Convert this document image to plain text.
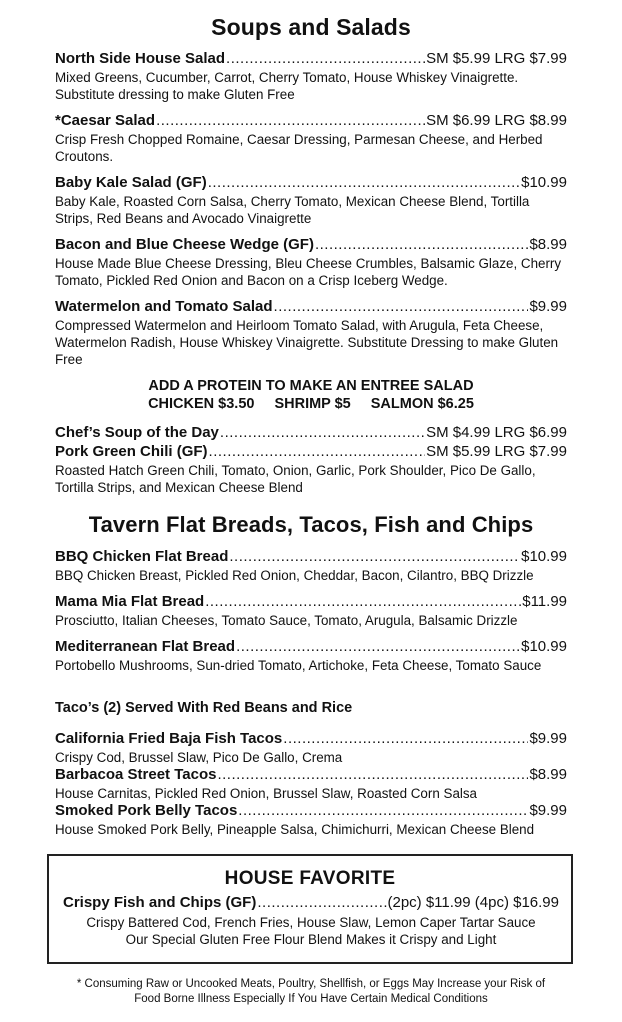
Soups and Salads
North Side House Salad .....	SM $5.99 LRG $7.99
Mixed Greens, Cucumber, Carrot, Cherry Tomato, House Whiskey Vinaigrette. Substitute dressing to make Gluten Free
*Caesar Salad .....	SM $6.99 LRG $8.99
Crisp Fresh Chopped Romaine, Caesar Dressing, Parmesan Cheese, and Herbed Croutons.
Baby Kale Salad (GF) .....	$10.99
Baby Kale, Roasted Corn Salsa, Cherry Tomato, Mexican Cheese Blend, Tortilla Strips, Red Beans and Avocado Vinaigrette
Bacon and Blue Cheese Wedge (GF) .....	$8.99
House Made Blue Cheese Dressing, Bleu Cheese Crumbles, Balsamic Glaze, Cherry Tomato, Pickled Red Onion and Bacon on a Crisp Iceberg Wedge.
Watermelon and Tomato Salad .....	$9.99
Compressed Watermelon and Heirloom Tomato Salad, with Arugula, Feta Cheese, Watermelon Radish, House Whiskey Vinaigrette. Substitute Dressing to make Gluten Free
ADD A PROTEIN TO MAKE AN ENTREE SALAD
CHICKEN $3.50 SHRIMP $5 SALMON $6.25
Chef’s Soup of the Day .....	SM $4.99 LRG $6.99
Pork Green Chili (GF) .....	SM $5.99 LRG $7.99
Roasted Hatch Green Chili, Tomato, Onion, Garlic, Pork Shoulder, Pico De Gallo, Tortilla Strips, and Mexican Cheese Blend
Tavern Flat Breads, Tacos, Fish and Chips
BBQ Chicken Flat Bread .....	$10.99
BBQ Chicken Breast, Pickled Red Onion, Cheddar, Bacon, Cilantro, BBQ Drizzle
Mama Mia Flat Bread .....	$11.99
Prosciutto, Italian Cheeses, Tomato Sauce, Tomato, Arugula, Balsamic Drizzle
Mediterranean Flat Bread .....	$10.99
Portobello Mushrooms, Sun-dried Tomato, Artichoke, Feta Cheese, Tomato Sauce
Taco’s (2) Served With Red Beans and Rice
California Fried Baja Fish Tacos .....	$9.99
Crispy Cod, Brussel Slaw, Pico De Gallo, Crema
Barbacoa Street Tacos .....	$8.99
House Carnitas, Pickled Red Onion, Brussel Slaw, Roasted Corn Salsa
Smoked Pork Belly Tacos .....	$9.99
House Smoked Pork Belly, Pineapple Salsa, Chimichurri, Mexican Cheese Blend
HOUSE FAVORITE
Crispy Fish and Chips (GF) .....	(2pc) $11.99 (4pc) $16.99
Crispy Battered Cod, French Fries, House Slaw, Lemon Caper Tartar Sauce
Our Special Gluten Free Flour Blend Makes it Crispy and Light
* Consuming Raw or Uncooked Meats, Poultry, Shellfish, or Eggs May Increase your Risk of
Food Borne Illness Especially If You Have Certain Medical Conditions
